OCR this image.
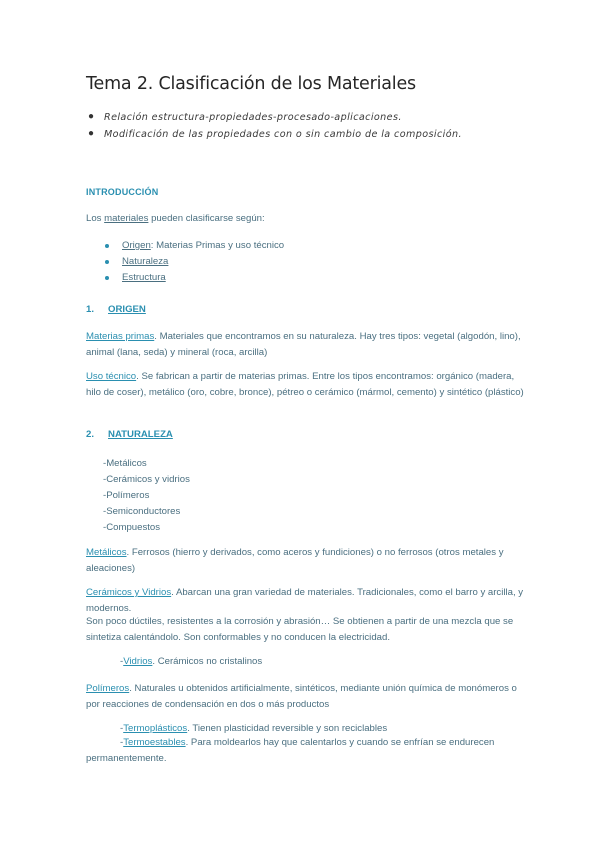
Tema 2. Clasificación de los Materiales
● Relación estructura-propiedades-procesado-aplicaciones.
● Modificación de las propiedades con o sin cambio de la composición.
INTRODUCCIÓN
Los materiales pueden clasificarse según:
Origen: Materias Primas y uso técnico
Naturaleza
Estructura
1. ORIGEN
Materias primas. Materiales que encontramos en su naturaleza. Hay tres tipos: vegetal (algodón, lino), animal (lana, seda) y mineral (roca, arcilla)
Uso técnico. Se fabrican a partir de materias primas. Entre los tipos encontramos: orgánico (madera, hilo de coser), metálico (oro, cobre, bronce), pétreo o cerámico (mármol, cemento) y sintético (plástico)
2. NATURALEZA
-Metálicos
-Cerámicos y vidrios
-Polímeros
-Semiconductores
-Compuestos
Metálicos. Ferrosos (hierro y derivados, como aceros y fundiciones) o no ferrosos (otros metales y aleaciones)
Cerámicos y Vidrios. Abarcan una gran variedad de materiales. Tradicionales, como el barro y arcilla, y modernos.
Son poco dúctiles, resistentes a la corrosión y abrasión… Se obtienen a partir de una mezcla que se sintetiza calentándolo. Son conformables y no conducen la electricidad.
-Vidrios. Cerámicos no cristalinos
Polímeros. Naturales u obtenidos artificialmente, sintéticos, mediante unión química de monómeros o por reacciones de condensación en dos o más productos
-Termoplásticos. Tienen plasticidad reversible y son reciclables
-Termoestables. Para moldearlos hay que calentarlos y cuando se enfrían se endurecen permanentemente.
